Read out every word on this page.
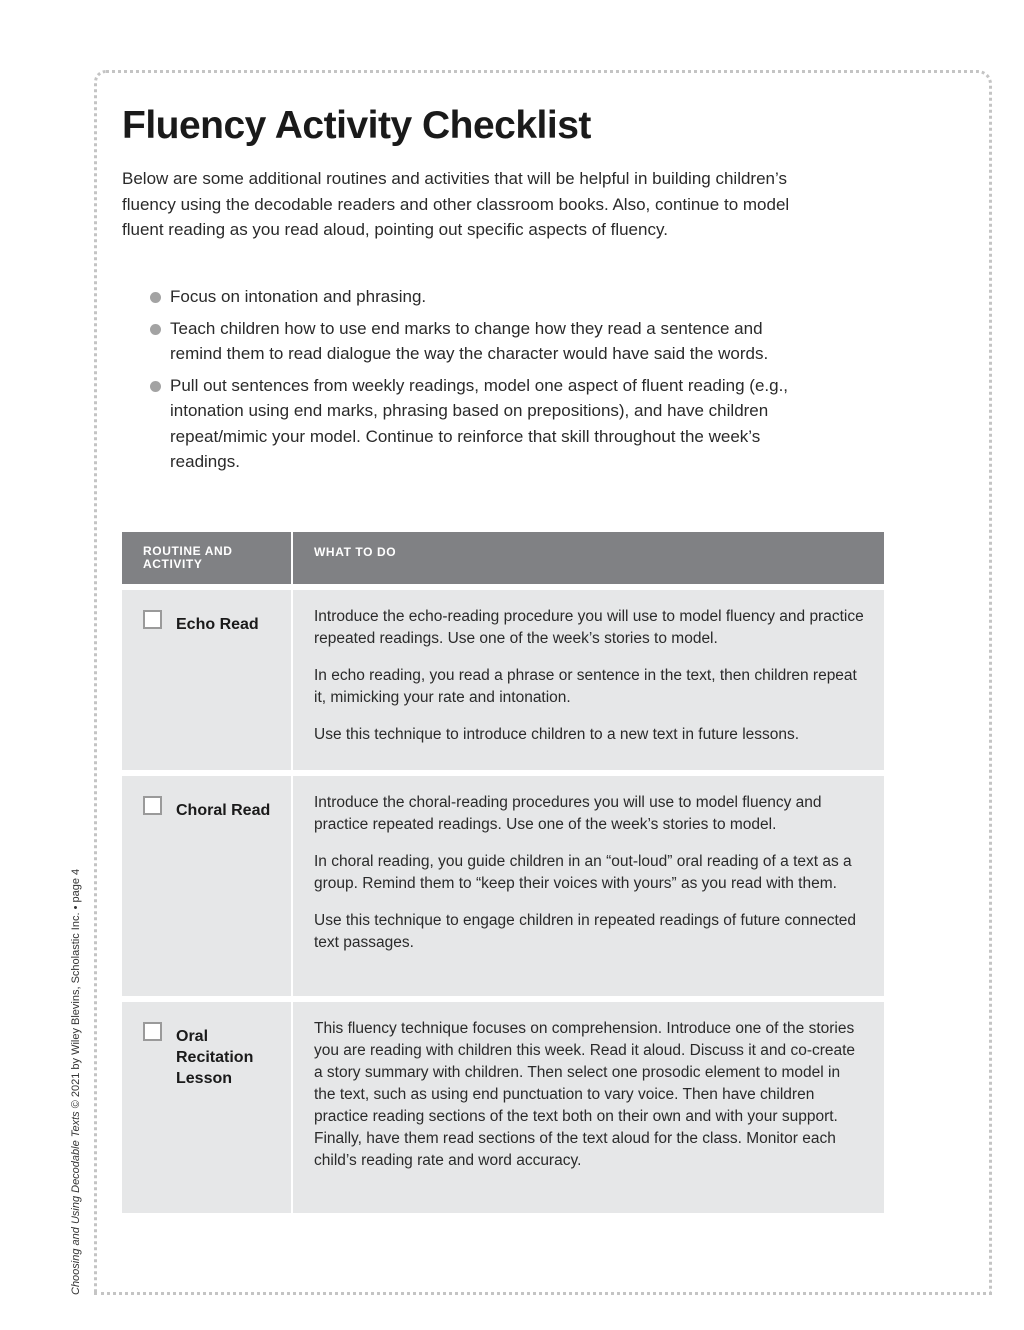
Choosing and Using Decodable Texts © 2021 by Wiley Blevins, Scholastic Inc. • page 4
Fluency Activity Checklist

Below are some additional routines and activities that will be helpful in building children’s fluency using the decodable readers and other classroom books. Also, continue to model fluent reading as you read aloud, pointing out specific aspects of fluency.

Focus on intonation and phrasing.
Teach children how to use end marks to change how they read a sentence and remind them to read dialogue the way the character would have said the words.
Pull out sentences from weekly readings, model one aspect of fluent reading (e.g., intonation using end marks, phrasing based on prepositions), and have children repeat/mimic your model. Continue to reinforce that skill throughout the week’s readings.
ROUTINE AND ACTIVITY
WHAT TO DO
Echo Read	Introduce the echo-reading procedure you will use to model fluency and practice repeated readings. Use one of the week’s stories to model.

In echo reading, you read a phrase or sentence in the text, then children repeat it, mimicking your rate and intonation.

Use this technique to introduce children to a new text in future lessons.

Choral Read	Introduce the choral-reading procedures you will use to model fluency and practice repeated readings. Use one of the week’s stories to model.

In choral reading, you guide children in an “out-loud” oral reading of a text as a group. Remind them to “keep their voices with yours” as you read with them.

Use this technique to engage children in repeated readings of future connected text passages.

Oral Recitation Lesson

This fluency technique focuses on comprehension. Introduce one of the stories you are reading with children this week. Read it aloud. Discuss it and co-create a story summary with children. Then select one prosodic element to model in the text, such as using end punctuation to vary voice. Then have children practice reading sections of the text both on their own and with your support. Finally, have them read sections of the text aloud for the class. Monitor each child’s reading rate and word accuracy.
